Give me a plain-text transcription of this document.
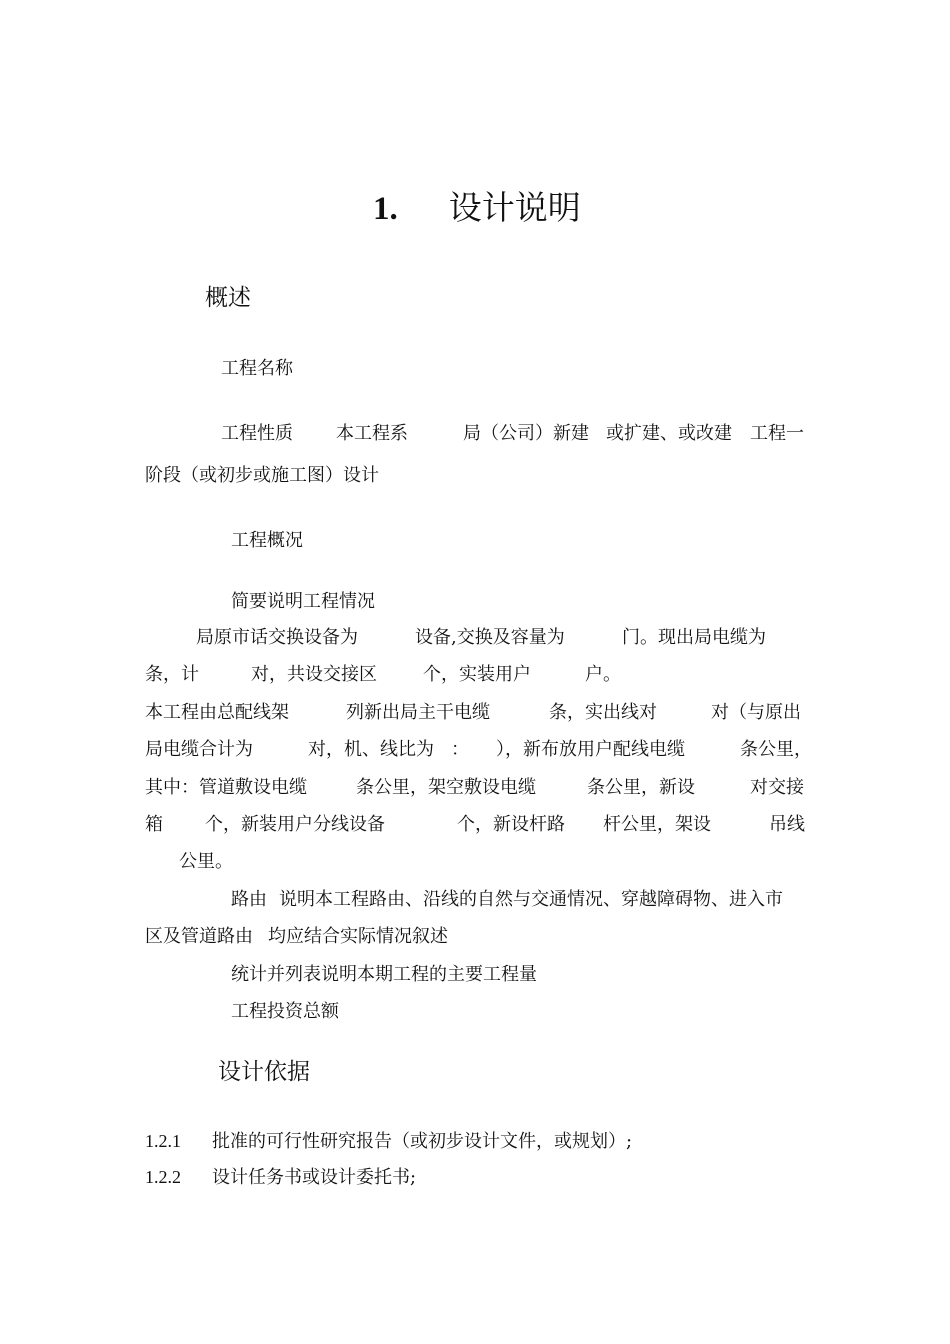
1. 设计说明
概述
工程名称
工程性质 本工程系	局（公司）新建 或扩建、或改建 工程一
阶段（或初步或施工图）设计
工程概况
简要说明工程情况
局原市话交换设备为	设备,交换及容量为	门。现出局电缆为
条，计	对，共设交接区	个，实装用户	户。
本工程由总配线架	列新出局主干电缆	条，实出线对	对（与原出
局电缆合计为	对，机、线比为 ： ），新布放用户配线电缆	条公里，
其中：管道敷设电缆	条公里，架空敷设电缆	条公里，新设	对交接
箱 个，新装用户分线设备	个，新设杆路 杆公里，架设	吊线
公里。
路由 说明本工程路由、沿线的自然与交通情况、穿越障碍物、进入市
区及管道路由 均应结合实际情况叙述
统计并列表说明本期工程的主要工程量
工程投资总额
设计依据
1.2.1 批准的可行性研究报告（或初步设计文件，或规划）;
1.2.2 设计任务书或设计委托书;
